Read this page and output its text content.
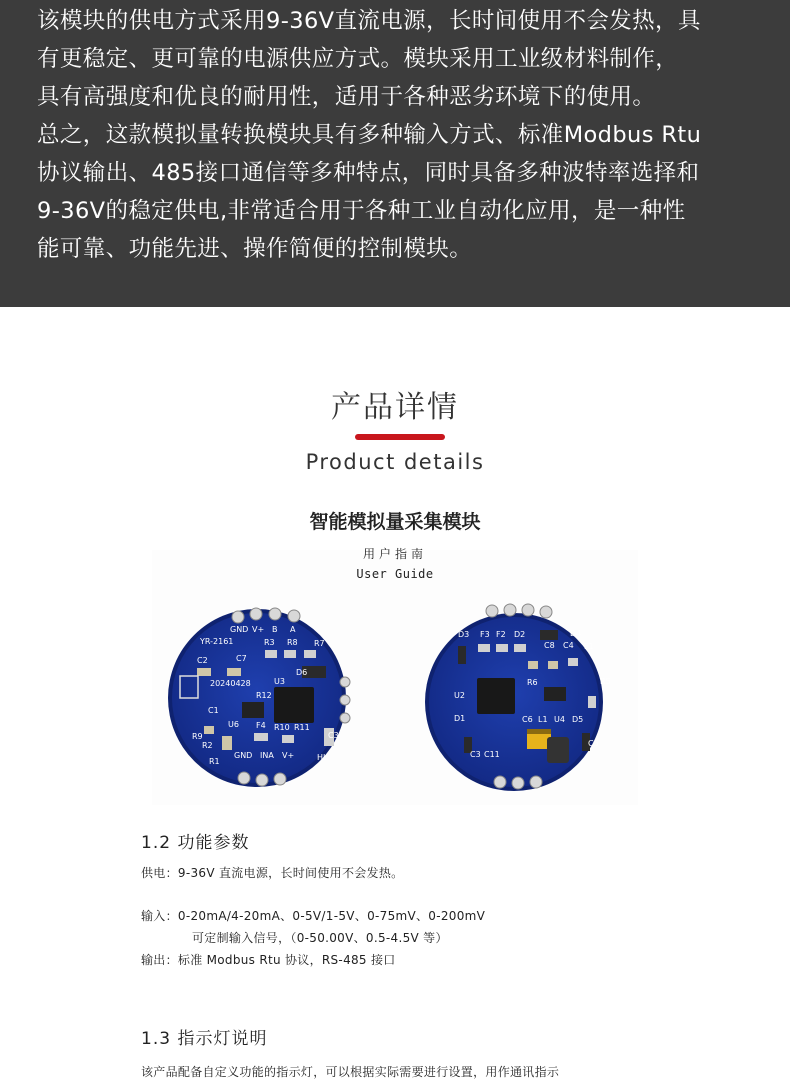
该模块的供电方式采用9-36V直流电源，长时间使用不会发热，具

有更稳定、更可靠的电源供应方式。模块采用工业级材料制作，

具有高强度和优良的耐用性，适用于各种恶劣环境下的使用。

总之，这款模拟量转换模块具有多种输入方式、标准Modbus Rtu

协议输出、485接口通信等多种特点，同时具备多种波特率选择和

9-36V的稳定供电,非常适合用于各种工业自动化应用，是一种性

能可靠、功能先进、操作简便的控制模块。

产品详情
Product details
GND V+ B A
YR-2161	R3 R8 R7
C2	C7
D6
20240428	U3
R12
C1
U6
R9
R2
F4 R10 R11
R1
GND INA V+	HL
C3
D3 F3 F2 D2	D4
C8 C4 F1
R6	R5
U2
D1	C6 L1 U4 D5
C3 C11
C5
智能模拟量采集模块
用户指南
User Guide
1.2 功能参数
供电：9-36V 直流电源，长时间使用不会发热。
输入：0-20mA/4-20mA、0-5V/1-5V、0-75mV、0-200mV
可定制输入信号，（0-50.00V、0.5-4.5V 等）
输出：标准 Modbus Rtu 协议，RS-485 接口
1.3 指示灯说明
该产品配备自定义功能的指示灯，可以根据实际需要进行设置，用作通讯指示
